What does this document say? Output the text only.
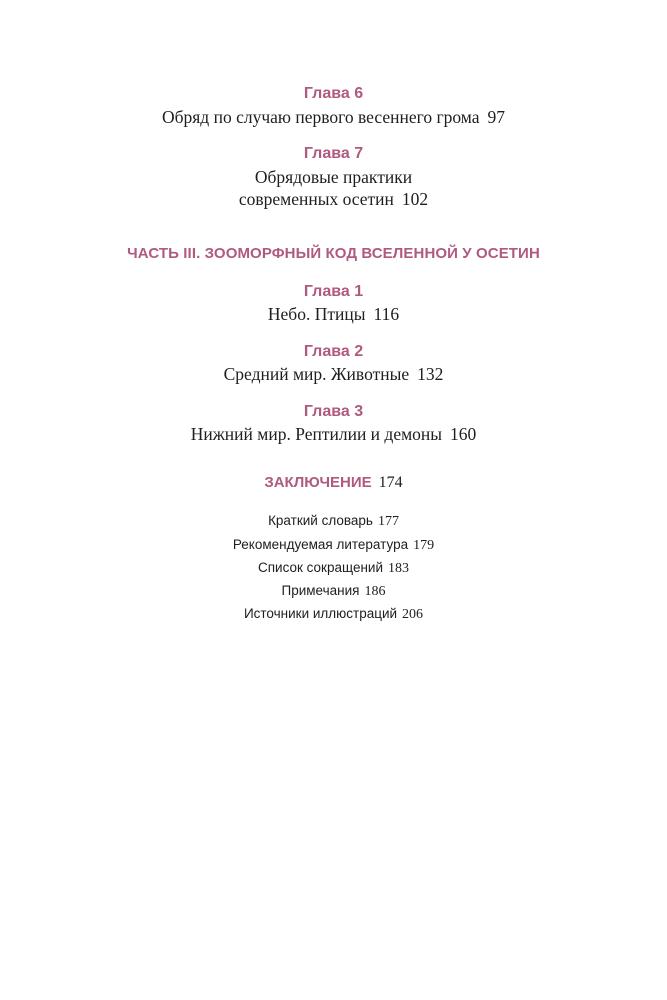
Глава 6
Обряд по случаю первого весеннего грома 97
Глава 7
Обрядовые практики
современных осетин 102
ЧАСТЬ III. ЗООМОРФНЫЙ КОД ВСЕЛЕННОЙ У ОСЕТИН
Глава 1
Небо. Птицы 116
Глава 2
Средний мир. Животные 132
Глава 3
Нижний мир. Рептилии и демоны 160
ЗАКЛЮЧЕНИЕ 174
Краткий словарь 177
Рекомендуемая литература 179
Список сокращений 183
Примечания 186
Источники иллюстраций 206
